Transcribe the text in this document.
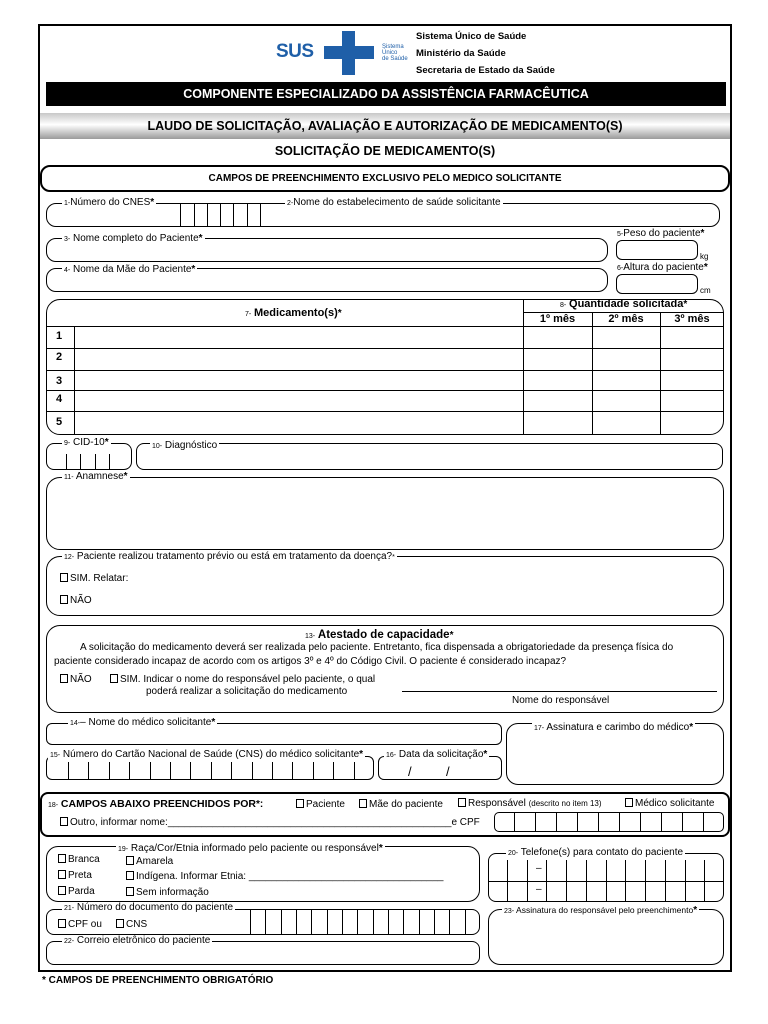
SUS	Sistema
Único
de Saúde
Sistema Único de Saúde
Ministério da Saúde
Secretaria de Estado da Saúde
COMPONENTE ESPECIALIZADO DA ASSISTÊNCIA FARMACÊUTICA
LAUDO DE SOLICITAÇÃO, AVALIAÇÃO E AUTORIZAÇÃO DE MEDICAMENTO(S)
SOLICITAÇÃO DE MEDICAMENTO(S)
CAMPOS DE PREENCHIMENTO EXCLUSIVO PELO MEDICO SOLICITANTE
1-Número do CNES*	2-Nome do estabelecimento de saúde solicitante
3- Nome completo do Paciente*
4- Nome da Mãe do Paciente*
5-Peso do paciente*
kg
6-Altura do paciente*
cm
7- Medicamento(s)*
8- Quantidade solicitada*
1º mês	2º mês	3º mês
1
2
3
4
5
9- CID-10*	10- Diagnóstico
11- Anamnese*
12- Paciente realizou tratamento prévio ou está em tratamento da doença?*
SIM. Relatar:
NÃO
13- Atestado de capacidade*
A solicitação do medicamento deverá ser realizada pelo paciente. Entretanto, fica dispensada a obrigatoriedade da presença física do
paciente considerado incapaz de acordo com os artigos 3º e 4º do Código Civil. O paciente é considerado incapaz?
NÃO	SIM. Indicar o nome do responsável pelo paciente, o qual
poderá realizar a solicitação do medicamento
Nome do responsável
14-– Nome do médico solicitante*
15- Número do Cartão Nacional de Saúde (CNS) do médico solicitante*	16- Data da solicitação*
/	/
17- Assinatura e carimbo do médico*
18- CAMPOS ABAIXO PREENCHIDOS POR*:	Paciente	Mãe do paciente	Responsável (descrito no item 13)	Médico solicitante
Outro, informar nome:___________________________________________________e CPF
19- Raça/Cor/Etnia informado pelo paciente ou responsável*
Branca
Preta
Parda
Amarela
Indígena. Informar Etnia: ___________________________________
Sem informação
20- Telefone(s) para contato do paciente
–
–
21- Número do documento do paciente
CPF ou	CNS
22- Correio eletrônico do paciente
23- Assinatura do responsável pelo preenchimento*
* CAMPOS DE PREENCHIMENTO OBRIGATÓRIO
